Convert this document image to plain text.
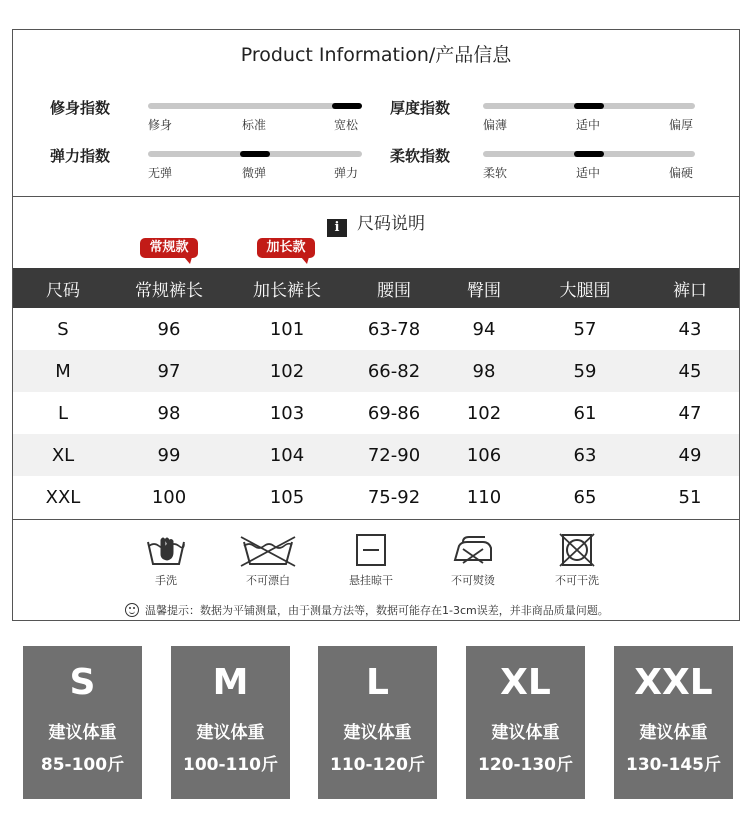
Product Information/产品信息
修身指数
修身	标准	宽松
厚度指数
偏薄	适中	偏厚
弹力指数
无弹	微弹	弹力
柔软指数
柔软	适中	偏硬
i 尺码说明
常规款	加长款
尺码	常规裤长	加长裤长	腰围	臀围	大腿围	裤口
S	96	101	63-78	94	57	43
M	97	102	66-82	98	59	45
L	98	103	69-86	102	61	47
XL	99	104	72-90	106	63	49
XXL	100	105	75-92	110	65	51
手洗	不可漂白	悬挂晾干	不可熨烫	不可干洗
温馨提示：数据为平铺测量，由于测量方法等，数据可能存在1-3cm误差，并非商品质量问题。
S
建议体重
85-100斤
M
建议体重
100-110斤
L
建议体重
110-120斤
XL
建议体重
120-130斤
XXL
建议体重
130-145斤
